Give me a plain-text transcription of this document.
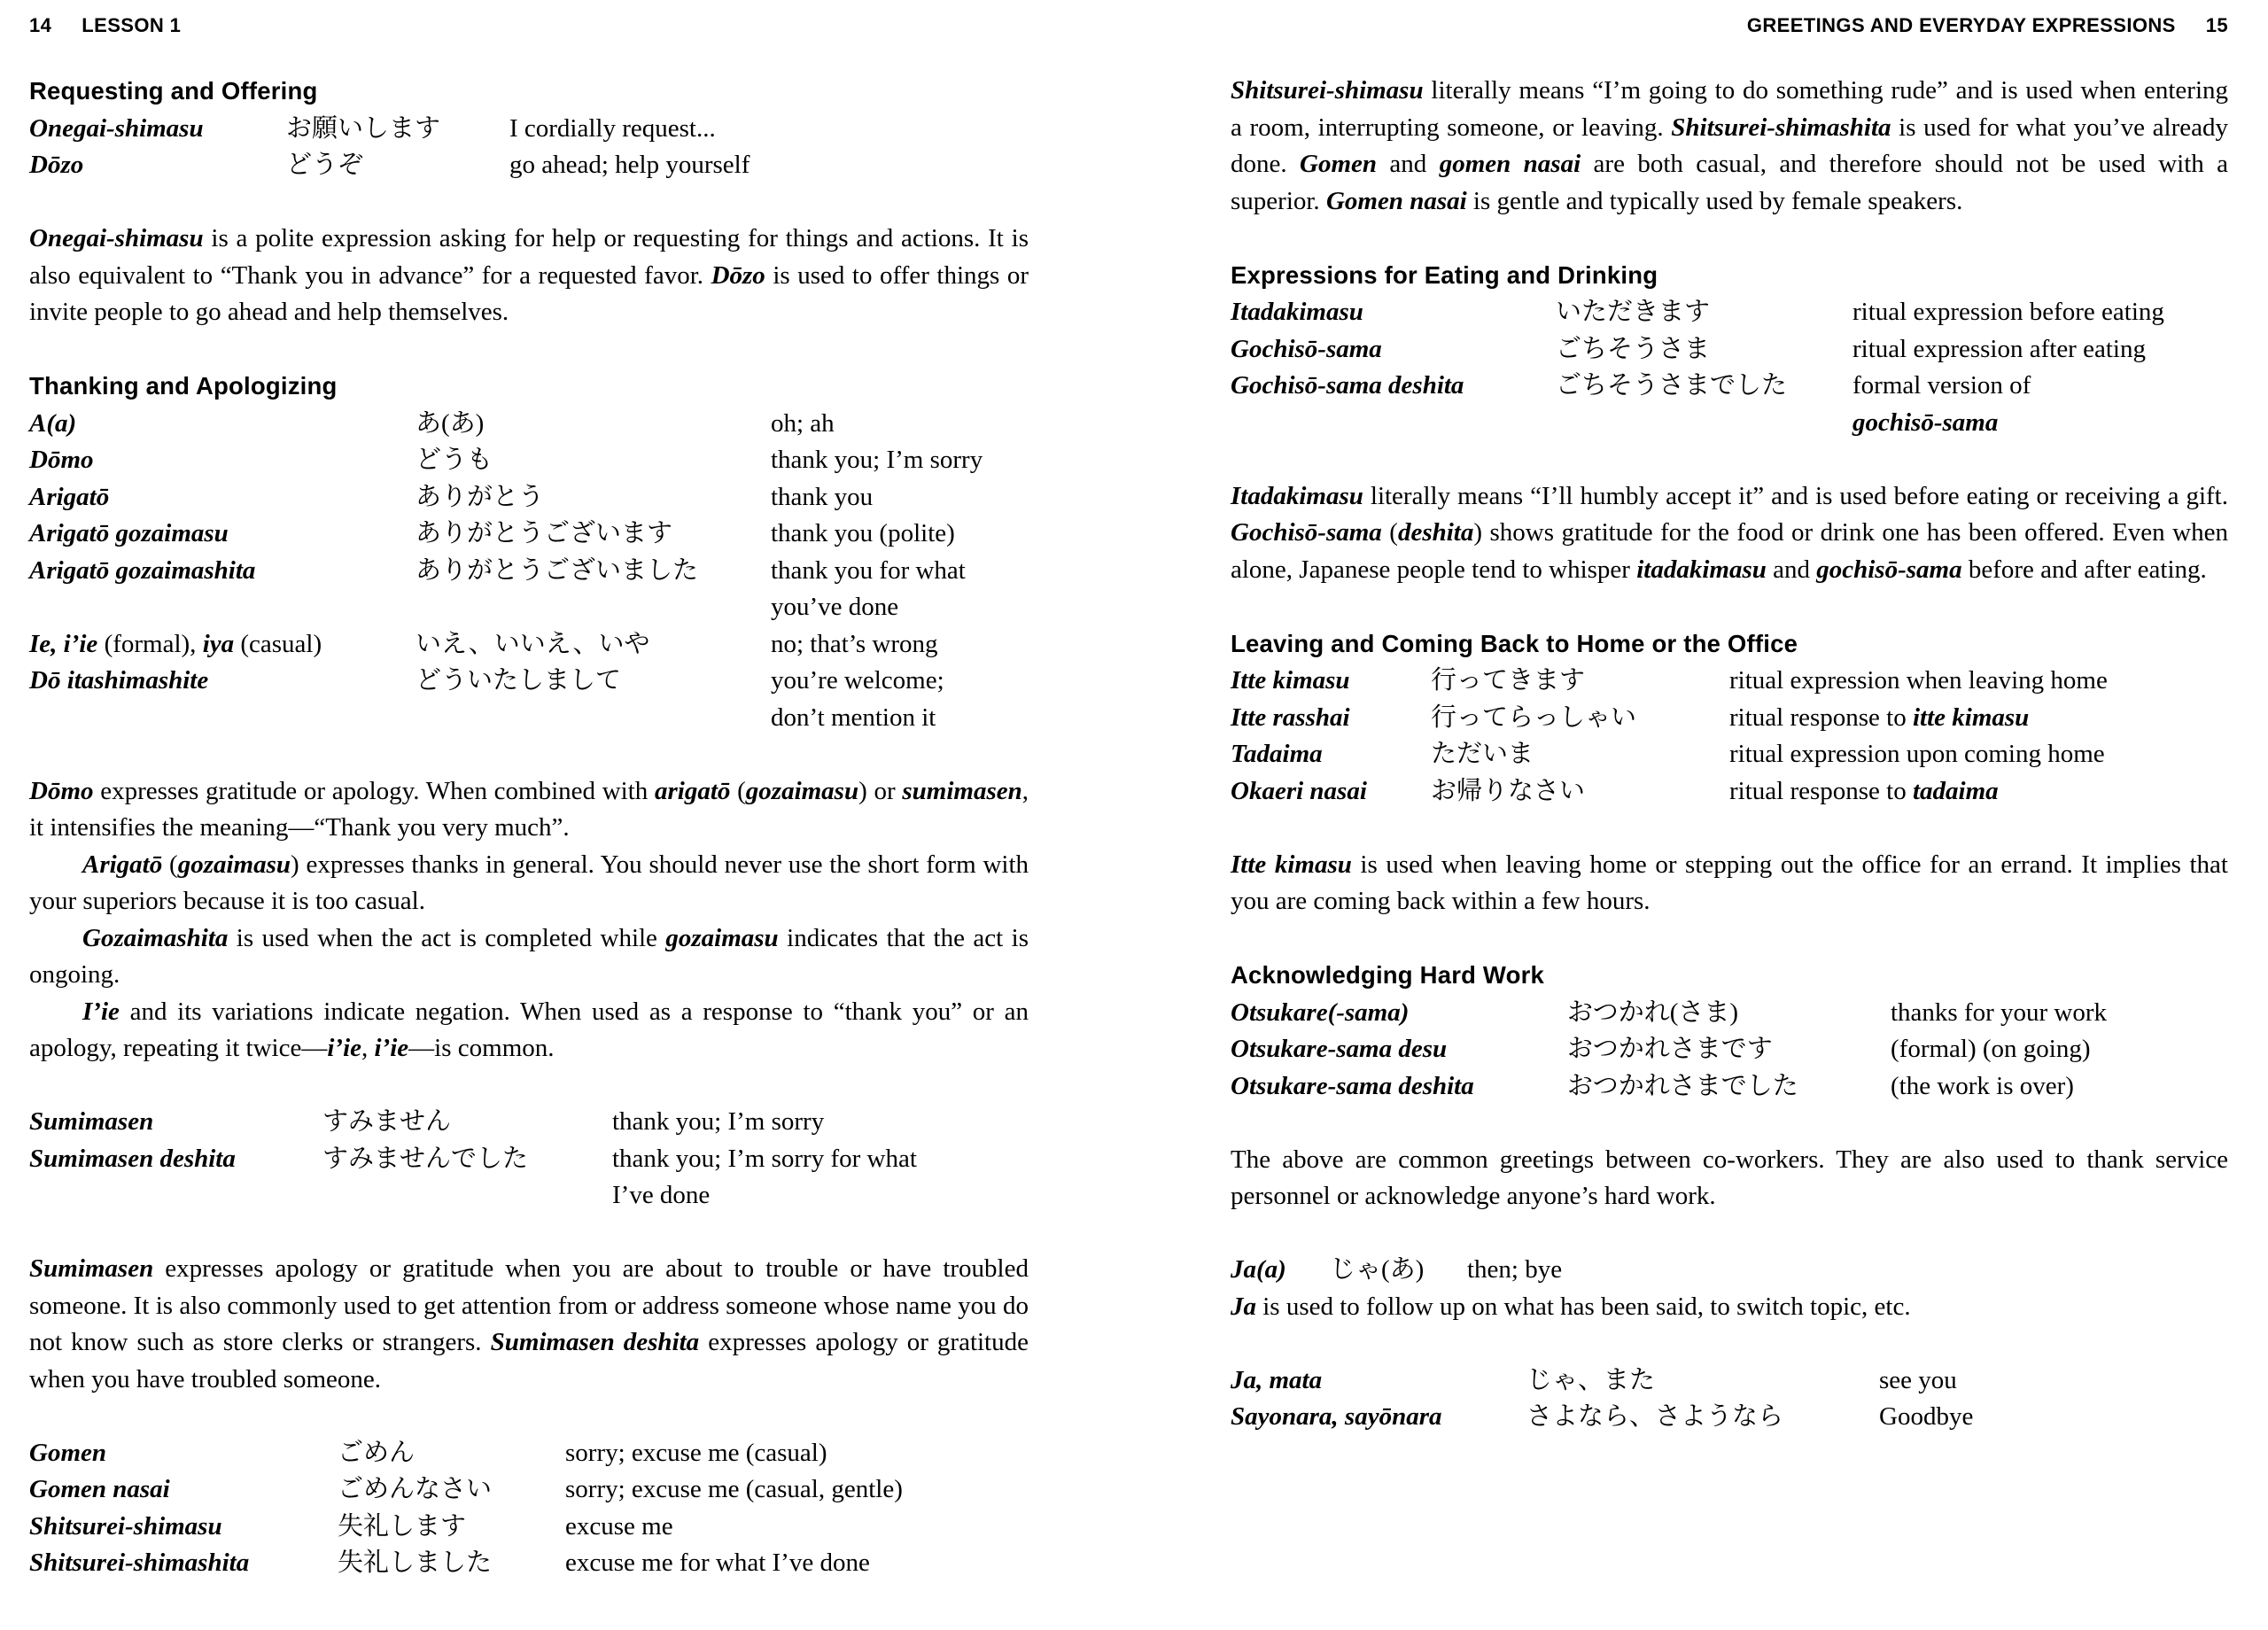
14 LESSON 1	GREETINGS AND EVERYDAY EXPRESSIONS 15
Requesting and Offering
Onegai-shimasu	お願いします	I cordially request...
Dōzo	どうぞ	go ahead; help yourself
Onegai-shimasu is a polite expression asking for help or requesting for things and actions. It is also equivalent to “Thank you in advance” for a requested favor. Dōzo is used to offer things or invite people to go ahead and help themselves.
Thanking and Apologizing
A(a)	あ(あ)	oh; ah
Dōmo	どうも	thank you; I’m sorry
Arigatō	ありがとう	thank you
Arigatō gozaimasu	ありがとうございます	thank you (polite)
Arigatō gozaimashita	ありがとうございました	thank you for what
you’ve done
Ie, i’ie (formal), iya (casual)	いえ、いいえ、いや	no; that’s wrong
Dō itashimashite	どういたしまして	you’re welcome;
don’t mention it
Dōmo expresses gratitude or apology. When combined with arigatō (gozaimasu) or sumimasen, it intensifies the meaning—“Thank you very much”.
Arigatō (gozaimasu) expresses thanks in general. You should never use the short form with your superiors because it is too casual.
Gozaimashita is used when the act is completed while gozaimasu indicates that the act is ongoing.
I’ie and its variations indicate negation. When used as a response to “thank you” or an apology, repeating it twice—i’ie, i’ie—is common.
Sumimasen	すみません	thank you; I’m sorry
Sumimasen deshita	すみませんでした	thank you; I’m sorry for what
I’ve done
Sumimasen expresses apology or gratitude when you are about to trouble or have troubled someone. It is also commonly used to get attention from or address someone whose name you do not know such as store clerks or strangers. Sumimasen deshita expresses apology or gratitude when you have troubled someone.
Gomen	ごめん	sorry; excuse me (casual)
Gomen nasai	ごめんなさい	sorry; excuse me (casual, gentle)
Shitsurei-shimasu	失礼します	excuse me
Shitsurei-shimashita	失礼しました	excuse me for what I’ve done
Shitsurei-shimasu literally means “I’m going to do something rude” and is used when entering a room, interrupting someone, or leaving. Shitsurei-shimashita is used for what you’ve already done. Gomen and gomen nasai are both casual, and therefore should not be used with a superior. Gomen nasai is gentle and typically used by female speakers.
Expressions for Eating and Drinking
Itadakimasu	いただきます	ritual expression before eating
Gochisō-sama	ごちそうさま	ritual expression after eating
Gochisō-sama deshita	ごちそうさまでした	formal version of
gochisō-sama
Itadakimasu literally means “I’ll humbly accept it” and is used before eating or receiving a gift. Gochisō-sama (deshita) shows gratitude for the food or drink one has been offered. Even when alone, Japanese people tend to whisper itadakimasu and gochisō-sama before and after eating.
Leaving and Coming Back to Home or the Office
Itte kimasu	行ってきます	ritual expression when leaving home
Itte rasshai	行ってらっしゃい	ritual response to itte kimasu
Tadaima	ただいま	ritual expression upon coming home
Okaeri nasai	お帰りなさい	ritual response to tadaima
Itte kimasu is used when leaving home or stepping out the office for an errand. It implies that you are coming back within a few hours.
Acknowledging Hard Work
Otsukare(-sama)	おつかれ(さま)	thanks for your work
Otsukare-sama desu	おつかれさまです	(formal) (on going)
Otsukare-sama deshita	おつかれさまでした	(the work is over)
The above are common greetings between co-workers. They are also used to thank service personnel or acknowledge anyone’s hard work.
Ja(a)	じゃ(あ)	then; bye
Ja is used to follow up on what has been said, to switch topic, etc.
Ja, mata	じゃ、また	see you
Sayonara, sayōnara	さよなら、さようなら	Goodbye
